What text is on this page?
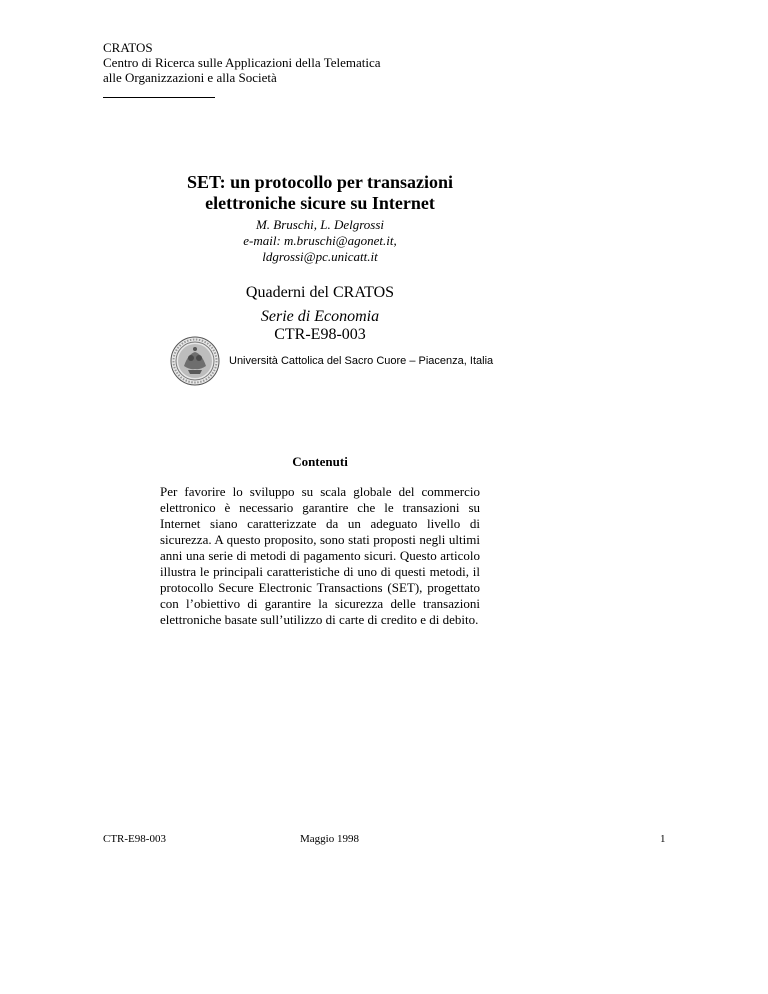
CRATOS
Centro di Ricerca sulle Applicazioni della Telematica
alle Organizzazioni e alla Società
SET: un protocollo per transazioni
elettroniche sicure su Internet
M. Bruschi, L. Delgrossi
e-mail: m.bruschi@agonet.it,
ldgrossi@pc.unicatt.it
Quaderni del CRATOS
Serie di Economia
CTR-E98-003
Università Cattolica del Sacro Cuore – Piacenza, Italia
Contenuti
Per favorire lo sviluppo su scala globale del commercio elettronico è necessario garantire che le transazioni su Internet siano caratterizzate da un adeguato livello di sicurezza. A questo proposito, sono stati proposti negli ultimi anni una serie di metodi di pagamento sicuri. Questo articolo illustra le principali caratteristiche di uno di questi metodi, il protocollo Secure Electronic Transactions (SET), progettato con l’obiettivo di garantire la sicurezza delle transazioni elettroniche basate sull’utilizzo di carte di credito e di debito.
CTR-E98-003	Maggio 1998	1
